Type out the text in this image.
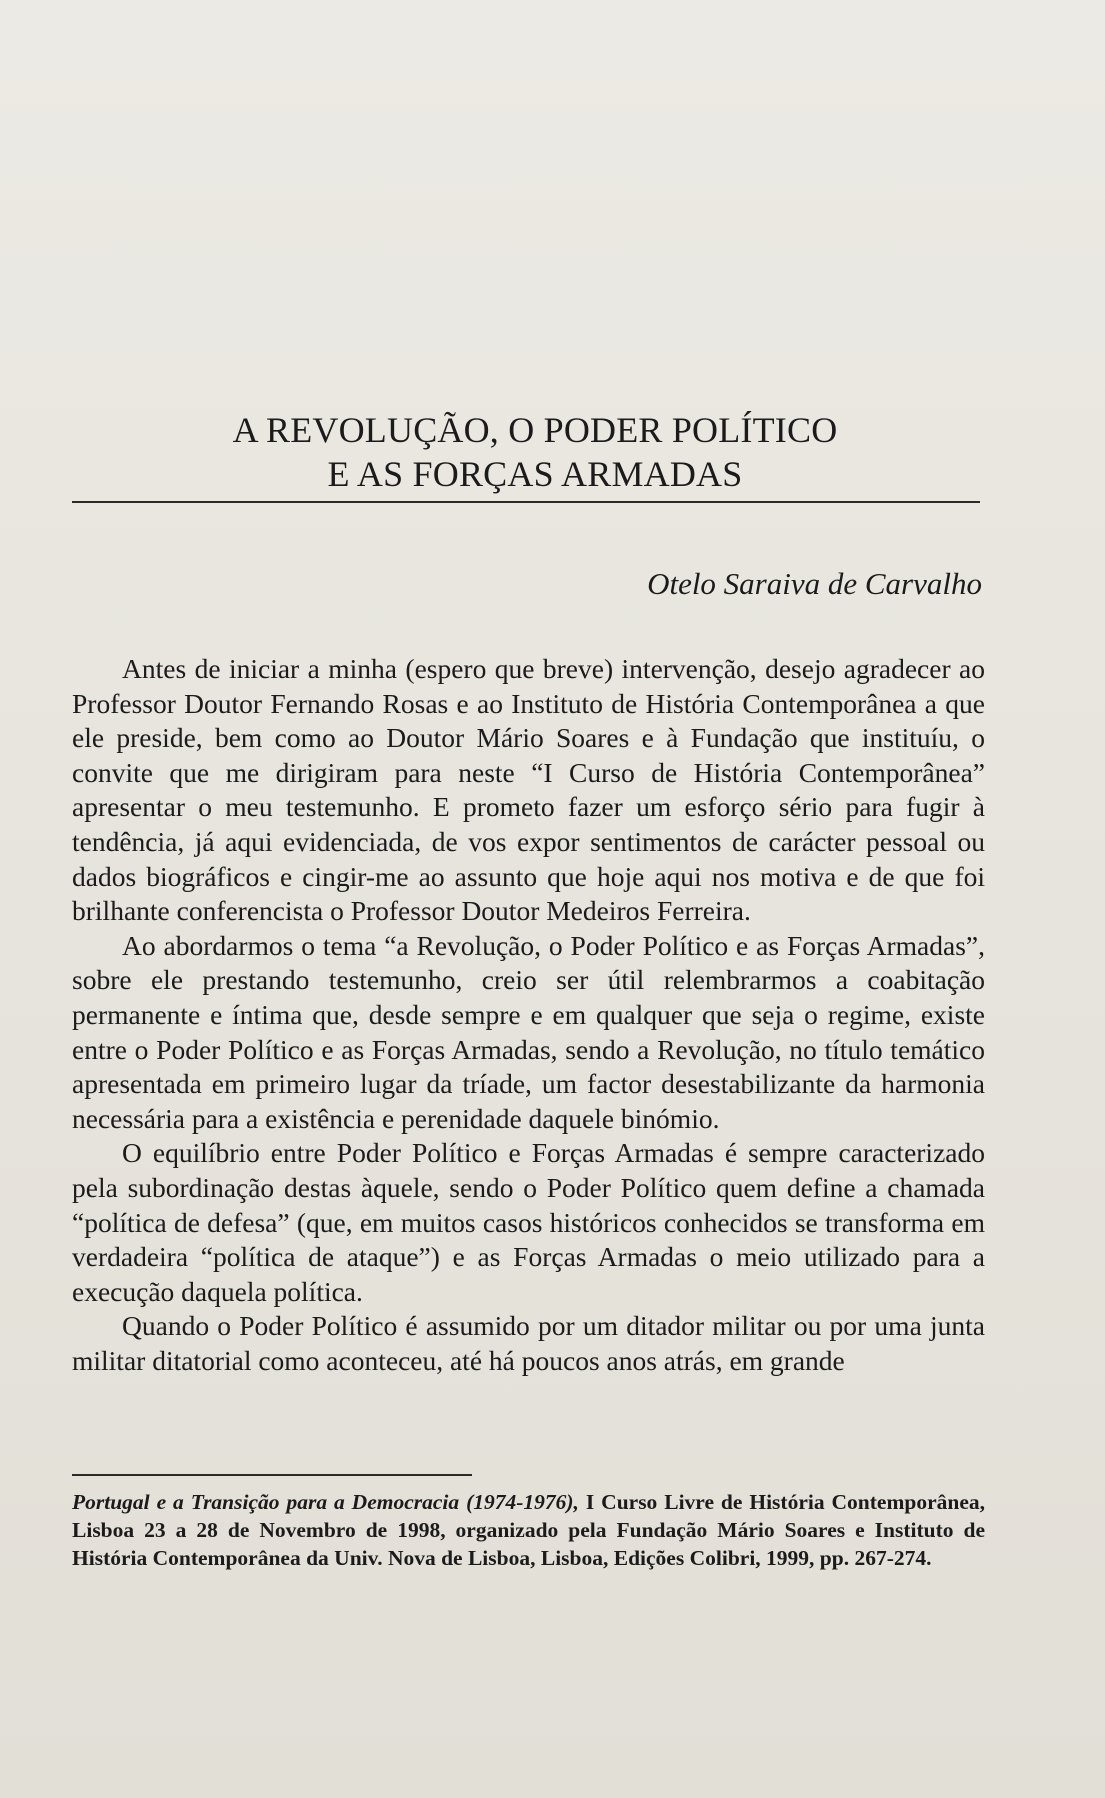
A REVOLUÇÃO, O PODER POLÍTICO
E AS FORÇAS ARMADAS
Otelo Saraiva de Carvalho

Antes de iniciar a minha (espero que breve) intervenção, desejo agradecer ao Professor Doutor Fernando Rosas e ao Instituto de História Contemporânea a que ele preside, bem como ao Doutor Mário Soares e à Fundação que instituíu, o convite que me dirigiram para neste “I Curso de História Contemporânea” apresentar o meu testemunho. E prometo fazer um esforço sério para fugir à tendência, já aqui evidenciada, de vos expor sentimentos de carácter pessoal ou dados biográficos e cingir-me ao assunto que hoje aqui nos motiva e de que foi brilhante conferencista o Professor Doutor Medeiros Ferreira.

Ao abordarmos o tema “a Revolução, o Poder Político e as Forças Armadas”, sobre ele prestando testemunho, creio ser útil relembrarmos a coabitação permanente e íntima que, desde sempre e em qualquer que seja o regime, existe entre o Poder Político e as Forças Armadas, sendo a Revolução, no título temático apresentada em primeiro lugar da tríade, um factor desestabilizante da harmonia necessária para a existência e perenidade daquele binómio.

O equilíbrio entre Poder Político e Forças Armadas é sempre caracterizado pela subordinação destas àquele, sendo o Poder Político quem define a chamada “política de defesa” (que, em muitos casos históricos conhecidos se transforma em verdadeira “política de ataque”) e as Forças Armadas o meio utilizado para a execução daquela política.

Quando o Poder Político é assumido por um ditador militar ou por uma junta militar ditatorial como aconteceu, até há poucos anos atrás, em grande

Portugal e a Transição para a Democracia (1974-1976), I Curso Livre de História Contemporânea, Lisboa 23 a 28 de Novembro de 1998, organizado pela Fundação Mário Soares e Instituto de História Contemporânea da Univ. Nova de Lisboa, Lisboa, Edições Colibri, 1999, pp. 267-274.
